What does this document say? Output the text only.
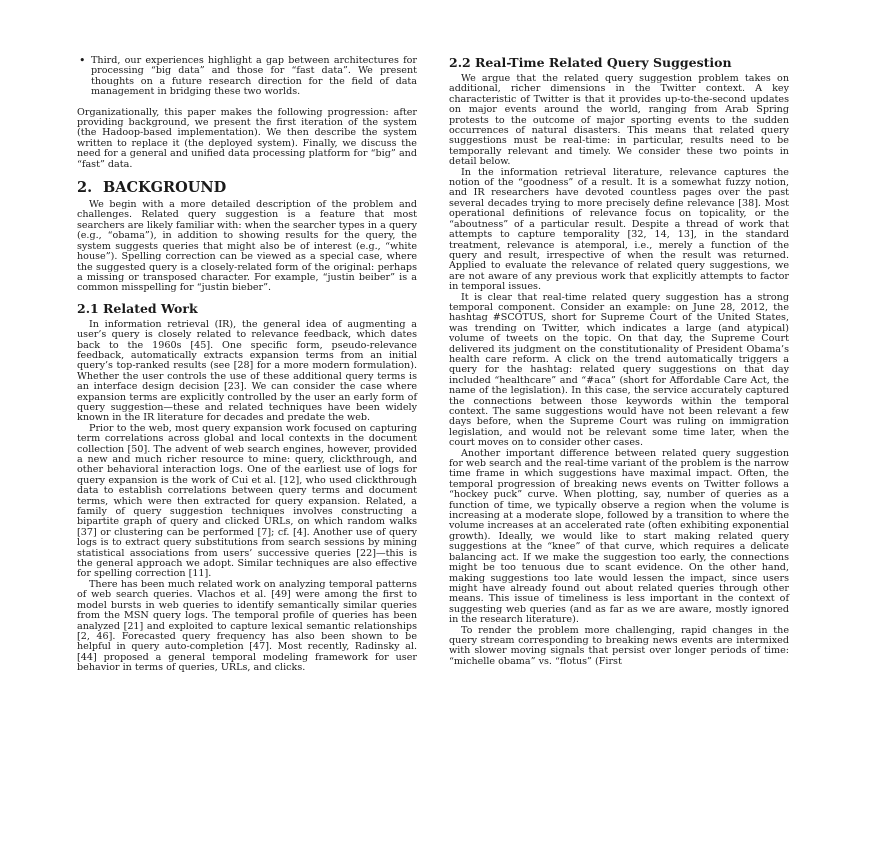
• Third, our experiences highlight a gap between architectures for processing “big data” and those for “fast data”. We present thoughts on a future research direction for the field of data management in bridging these two worlds.

Organizationally, this paper makes the following progression: after providing background, we present the first iteration of the system (the Hadoop-based implementation). We then describe the system written to replace it (the deployed system). Finally, we discuss the need for a general and unified data processing platform for “big” and “fast” data.

2. BACKGROUND

We begin with a more detailed description of the problem and challenges. Related query suggestion is a feature that most searchers are likely familiar with: when the searcher types in a query (e.g., “obama”), in addition to showing results for the query, the system suggests queries that might also be of interest (e.g., “white house”). Spelling correction can be viewed as a special case, where the suggested query is a closely-related form of the original: perhaps a missing or transposed character. For example, “justin beiber” is a common misspelling for “justin bieber”.

2.1 Related Work

In information retrieval (IR), the general idea of augmenting a user’s query is closely related to relevance feedback, which dates back to the 1960s [45]. One specific form, pseudo-relevance feedback, automatically extracts expansion terms from an initial query’s top-ranked results (see [28] for a more modern formulation). Whether the user controls the use of these additional query terms is an interface design decision [23]. We can consider the case where expansion terms are explicitly controlled by the user an early form of query suggestion—these and related techniques have been widely known in the IR literature for decades and predate the web.

Prior to the web, most query expansion work focused on capturing term correlations across global and local contexts in the document collection [50]. The advent of web search engines, however, provided a new and much richer resource to mine: query, clickthrough, and other behavioral interaction logs. One of the earliest use of logs for query expansion is the work of Cui et al. [12], who used clickthrough data to establish correlations between query terms and document terms, which were then extracted for query expansion. Related, a family of query suggestion techniques involves constructing a bipartite graph of query and clicked URLs, on which random walks [37] or clustering can be performed [7]; cf. [4]. Another use of query logs is to extract query substitutions from search sessions by mining statistical associations from users’ successive queries [22]—this is the general approach we adopt. Similar techniques are also effective for spelling correction [11].

There has been much related work on analyzing temporal patterns of web search queries. Vlachos et al. [49] were among the first to model bursts in web queries to identify semantically similar queries from the MSN query logs. The temporal profile of queries has been analyzed [21] and exploited to capture lexical semantic relationships [2, 46]. Forecasted query frequency has also been shown to be helpful in query auto-completion [47]. Most recently, Radinsky al. [44] proposed a general temporal modeling framework for user behavior in terms of queries, URLs, and clicks.

2.2 Real-Time Related Query Suggestion

We argue that the related query suggestion problem takes on additional, richer dimensions in the Twitter context. A key characteristic of Twitter is that it provides up-to-the-second updates on major events around the world, ranging from Arab Spring protests to the outcome of major sporting events to the sudden occurrences of natural disasters. This means that related query suggestions must be real-time: in particular, results need to be temporally relevant and timely. We consider these two points in detail below.

In the information retrieval literature, relevance captures the notion of the “goodness” of a result. It is a somewhat fuzzy notion, and IR researchers have devoted countless pages over the past several decades trying to more precisely define relevance [38]. Most operational definitions of relevance focus on topicality, or the “aboutness” of a particular result. Despite a thread of work that attempts to capture temporality [32, 14, 13], in the standard treatment, relevance is atemporal, i.e., merely a function of the query and result, irrespective of when the result was returned. Applied to evaluate the relevance of related query suggestions, we are not aware of any previous work that explicitly attempts to factor in temporal issues.

It is clear that real-time related query suggestion has a strong temporal component. Consider an example: on June 28, 2012, the hashtag #SCOTUS, short for Supreme Court of the United States, was trending on Twitter, which indicates a large (and atypical) volume of tweets on the topic. On that day, the Supreme Court delivered its judgment on the constitutionality of President Obama’s health care reform. A click on the trend automatically triggers a query for the hashtag: related query suggestions on that day included “healthcare” and “#aca” (short for Affordable Care Act, the name of the legislation). In this case, the service accurately captured the connections between those keywords within the temporal context. The same suggestions would have not been relevant a few days before, when the Supreme Court was ruling on immigration legislation, and would not be relevant some time later, when the court moves on to consider other cases.

Another important difference between related query suggestion for web search and the real-time variant of the problem is the narrow time frame in which suggestions have maximal impact. Often, the temporal progression of breaking news events on Twitter follows a “hockey puck” curve. When plotting, say, number of queries as a function of time, we typically observe a region when the volume is increasing at a moderate slope, followed by a transition to where the volume increases at an accelerated rate (often exhibiting exponential growth). Ideally, we would like to start making related query suggestions at the “knee” of that curve, which requires a delicate balancing act. If we make the suggestion too early, the connections might be too tenuous due to scant evidence. On the other hand, making suggestions too late would lessen the impact, since users might have already found out about related queries through other means. This issue of timeliness is less important in the context of suggesting web queries (and as far as we are aware, mostly ignored in the research literature).

To render the problem more challenging, rapid changes in the query stream corresponding to breaking news events are intermixed with slower moving signals that persist over longer periods of time: “michelle obama” vs. “flotus” (First
